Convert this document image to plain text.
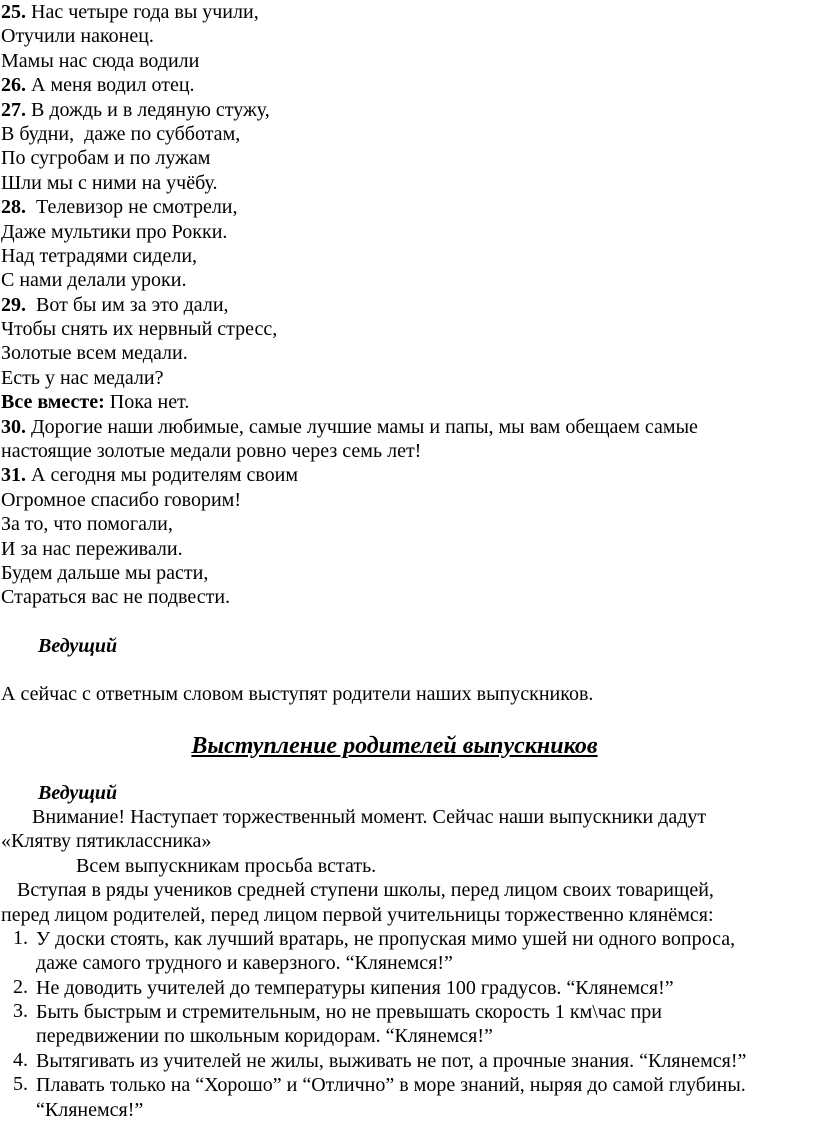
25. Нас четыре года вы учили,
Отучили наконец.
Мамы нас сюда водили
26. А меня водил отец.
27. В дождь и в ледяную стужу,
В будни,  даже по субботам,
По сугробам и по лужам
Шли мы с ними на учёбу.
28.  Телевизор не смотрели,
Даже мультики про Рокки.
Над тетрадями сидели,
С нами делали уроки.
29.  Вот бы им за это дали,
Чтобы снять их нервный стресс,
Золотые всем медали.
Есть у нас медали?
Все вместе: Пока нет.
30. Дорогие наши любимые, самые лучшие мамы и папы, мы вам обещаем самые
настоящие золотые медали ровно через семь лет!
31. А сегодня мы родителям своим
Огромное спасибо говорим!
За то, что помогали,
И за нас переживали.
Будем дальше мы расти,
Стараться вас не подвести.
Ведущий
А сейчас с ответным словом выступят родители наших выпускников.
Выступление родителей выпускников
Ведущий
Внимание! Наступает торжественный момент. Сейчас наши выпускники дадут
«Клятву пятиклассника»
Всем выпускникам просьба встать.
Вступая в ряды учеников средней ступени школы, перед лицом своих товарищей,
перед лицом родителей, перед лицом первой учительницы торжественно клянёмся:
1. У доски стоять, как лучший вратарь, не пропуская мимо ушей ни одного вопроса,
даже самого трудного и каверзного. “Клянемся!”
2. Не доводить учителей до температуры кипения 100 градусов. “Клянемся!”
3. Быть быстрым и стремительным, но не превышать скорость 1 км\час при
передвижении по школьным коридорам. “Клянемся!”
4. Вытягивать из учителей не жилы, выживать не пот, а прочные знания. “Клянемся!”
5. Плавать только на “Хорошо” и “Отлично” в море знаний, ныряя до самой глубины.
“Клянемся!”
